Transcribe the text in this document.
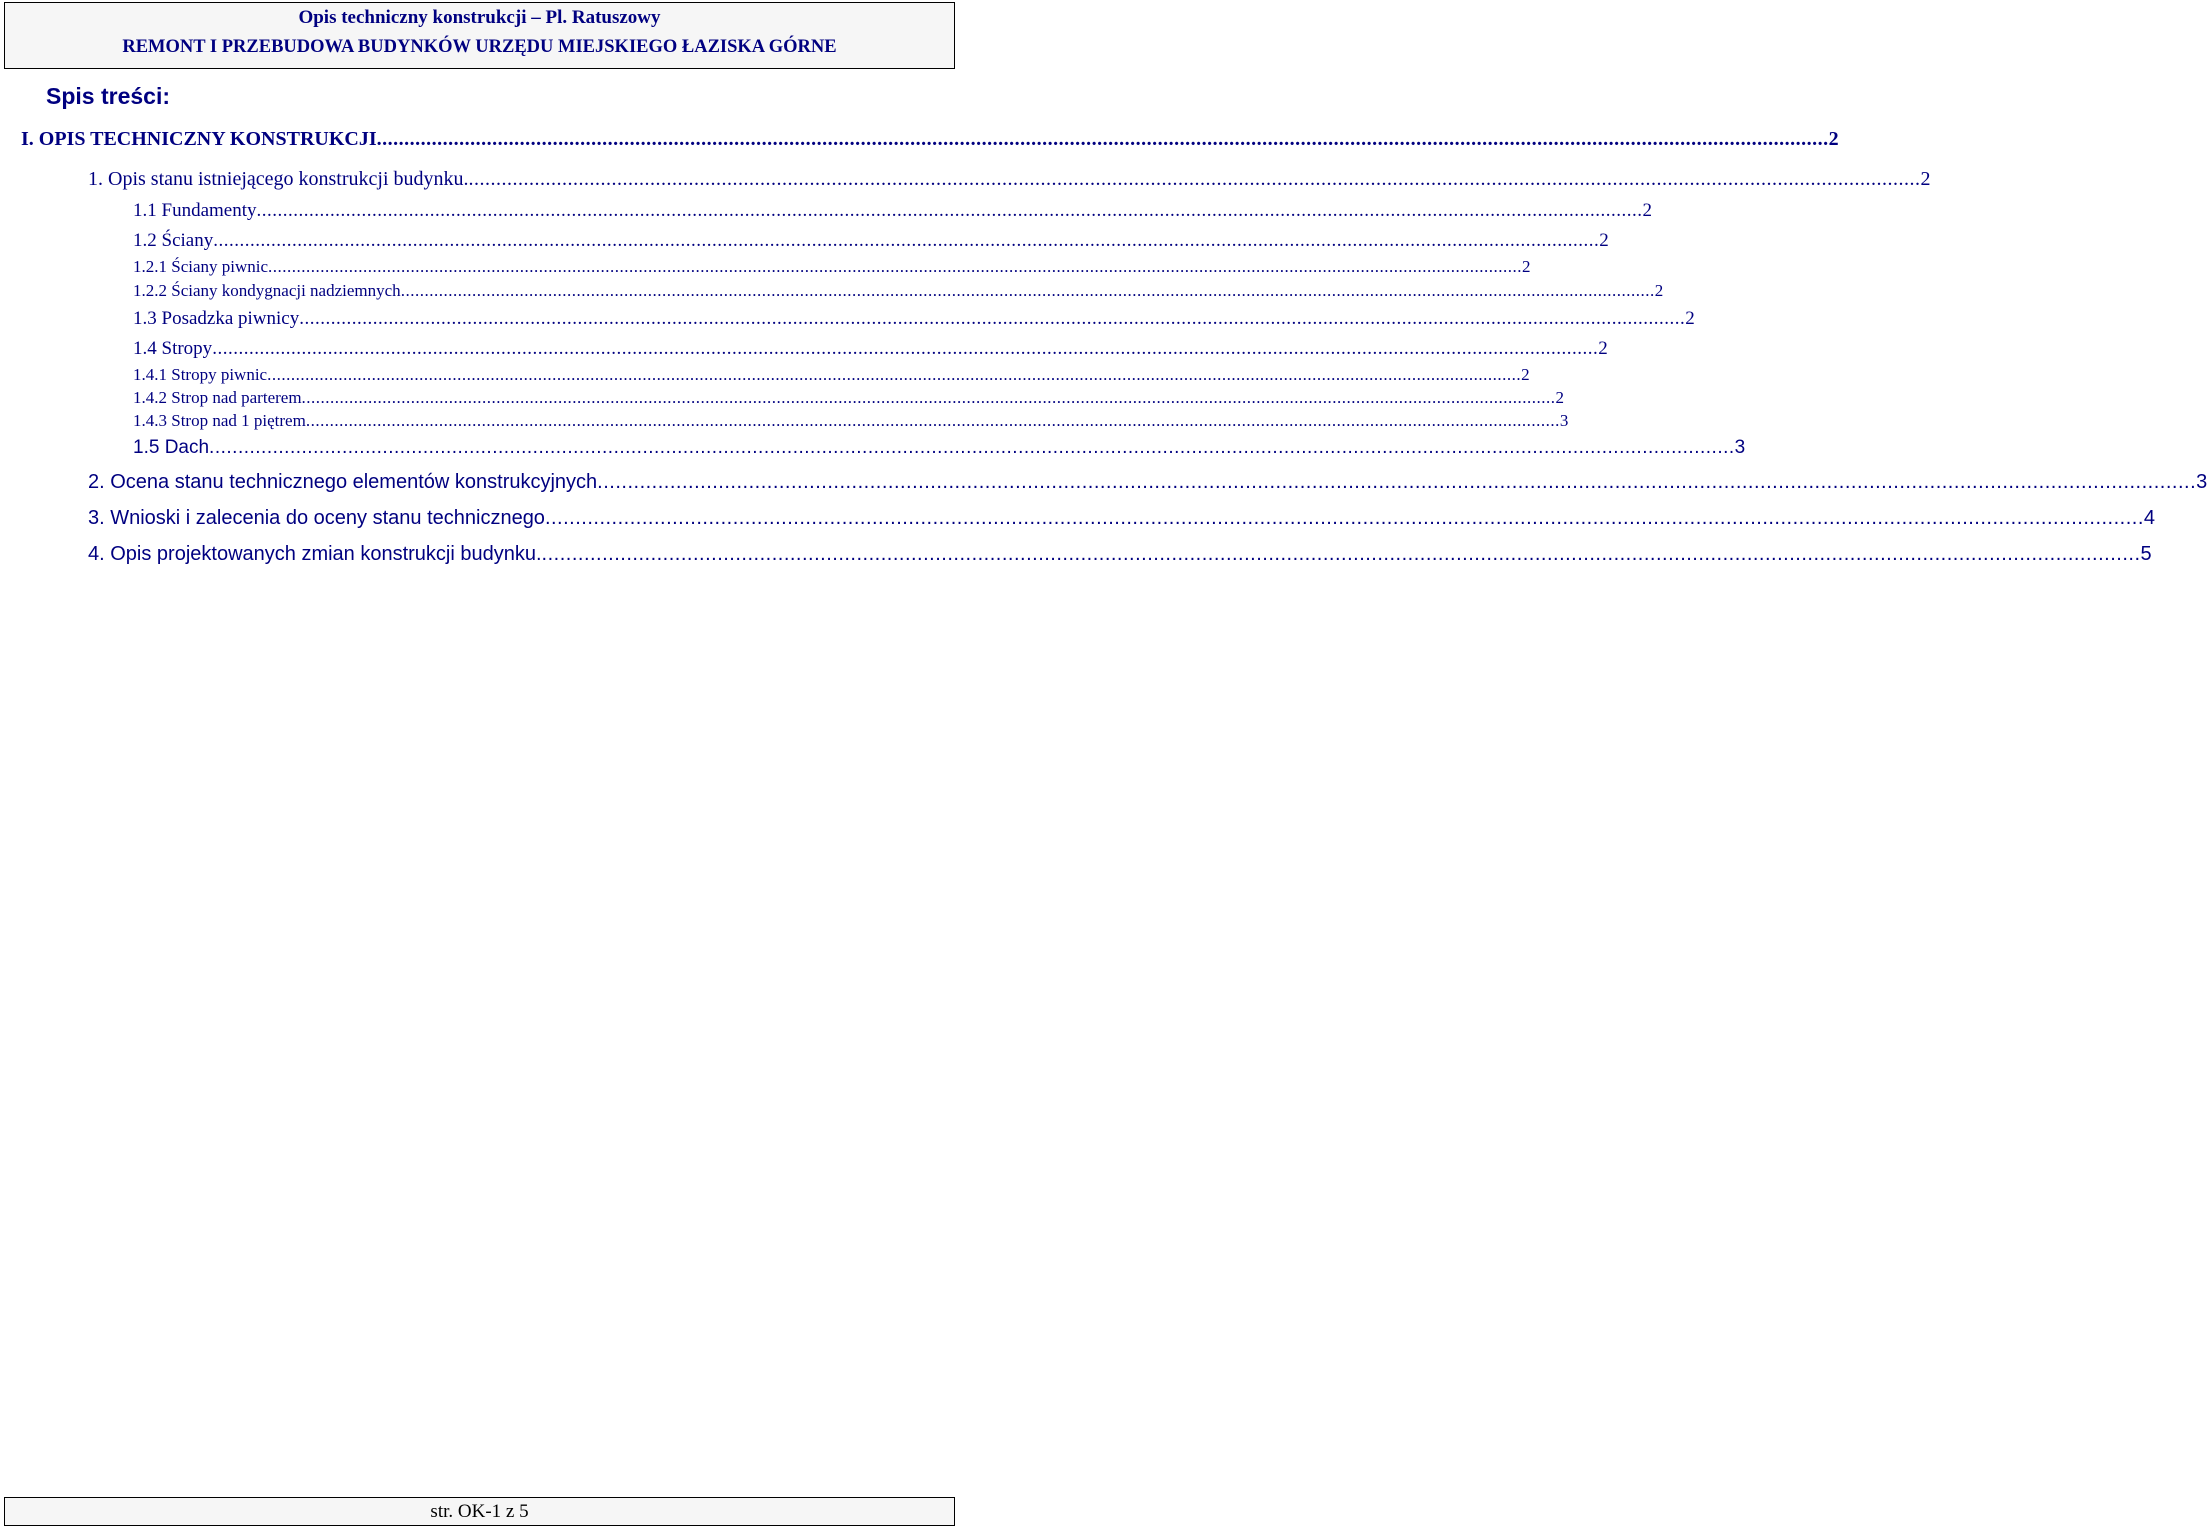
Opis techniczny konstrukcji – Pl. Ratuszowy
REMONT I PRZEBUDOWA BUDYNKÓW URZĘDU MIEJSKIEGO ŁAZISKA GÓRNE
Spis treści:
I. OPIS TECHNICZNY KONSTRUKCJI ........................................................................................................................................................................................................................................................................ 2
1. Opis stanu istniejącego konstrukcji budynku. ........................................................................................................................................................................................................................................................................ 2
1.1 Fundamenty ........................................................................................................................................................................................................................................................................ 2
1.2 Ściany ........................................................................................................................................................................................................................................................................ 2
1.2.1 Ściany piwnic ........................................................................................................................................................................................................................................................................ 2
1.2.2 Ściany kondygnacji nadziemnych ........................................................................................................................................................................................................................................................................ 2
1.3 Posadzka piwnicy ........................................................................................................................................................................................................................................................................ 2
1.4 Stropy ........................................................................................................................................................................................................................................................................ 2
1.4.1 Stropy piwnic ........................................................................................................................................................................................................................................................................ 2
1.4.2 Strop nad parterem ........................................................................................................................................................................................................................................................................ 2
1.4.3 Strop nad 1 piętrem ........................................................................................................................................................................................................................................................................ 3
1.5 Dach ........................................................................................................................................................................................................................................................................ 3
2. Ocena stanu technicznego elementów konstrukcyjnych ........................................................................................................................................................................................................................................................................ 3
3. Wnioski i zalecenia do oceny stanu technicznego ........................................................................................................................................................................................................................................................................ 4
4. Opis projektowanych zmian konstrukcji budynku. ........................................................................................................................................................................................................................................................................ 5
str. OK-1 z 5
